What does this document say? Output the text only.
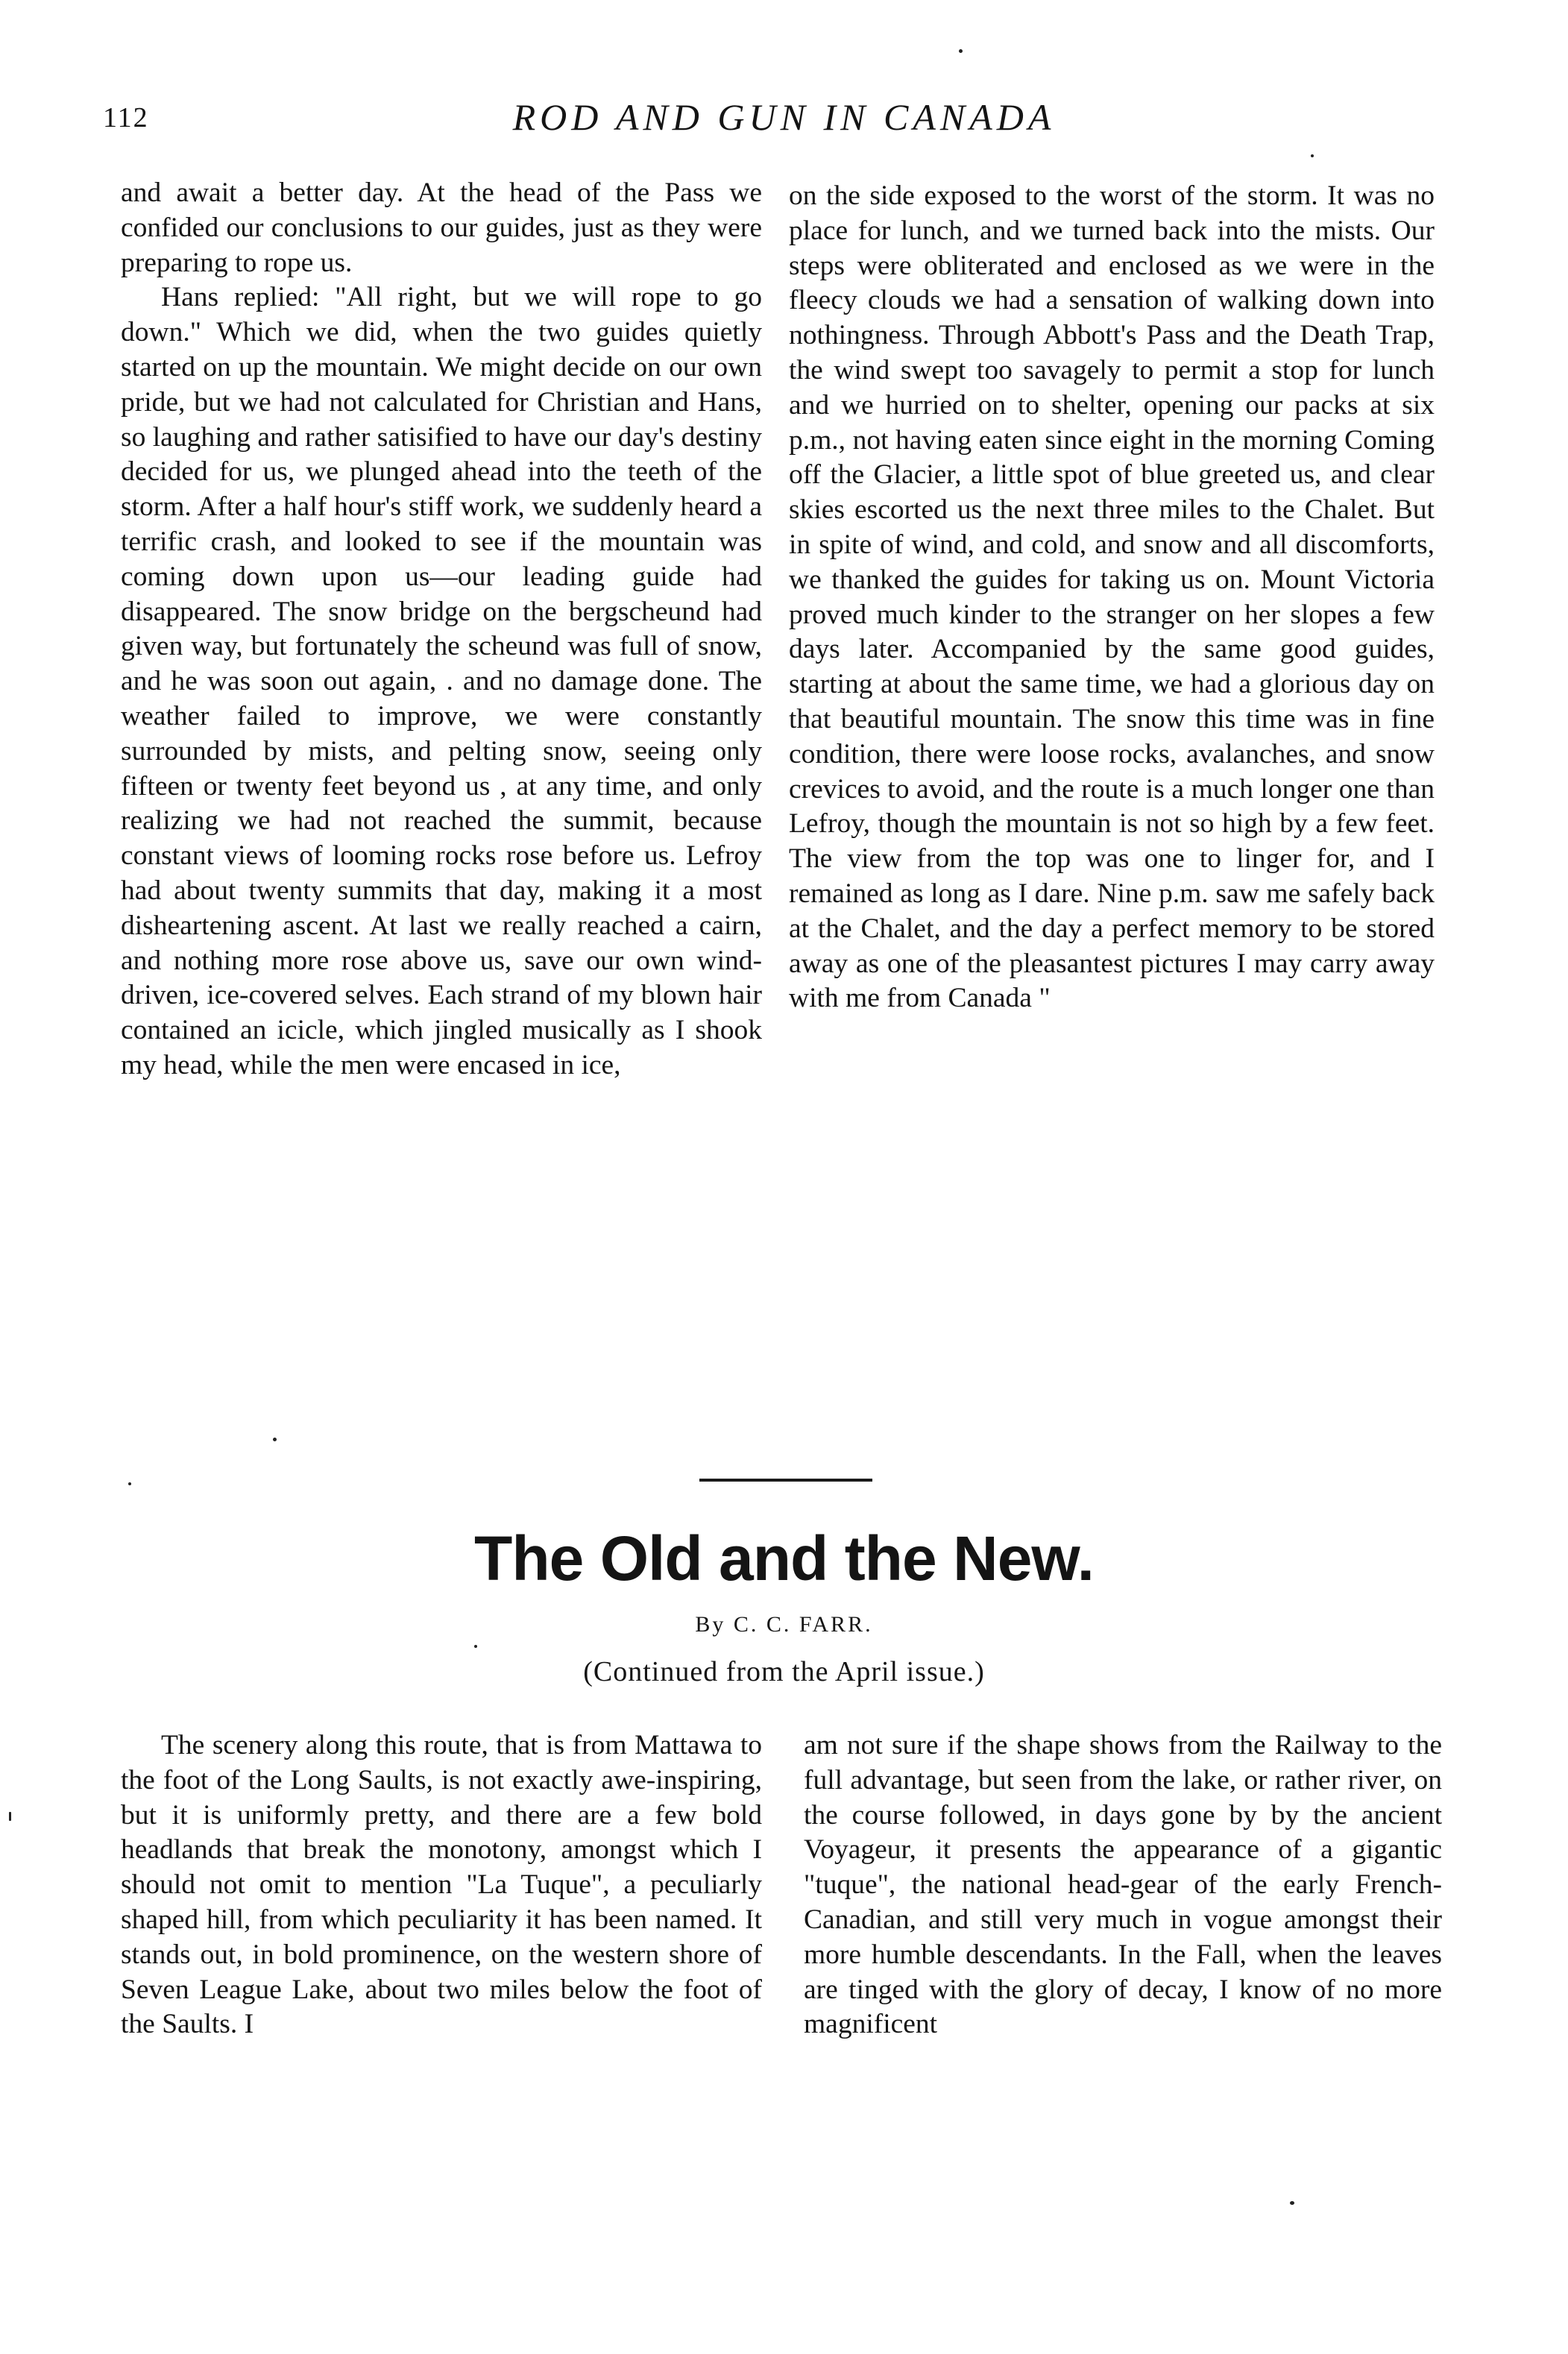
112	ROD AND GUN IN CANADA

and await a better day. At the head of the Pass we confided our conclusions to our guides, just as they were preparing to rope us.

Hans replied: "All right, but we will rope to go down." Which we did, when the two guides quietly started on up the mountain. We might decide on our own pride, but we had not calculated for Christian and Hans, so laughing and rather satisified to have our day's destiny decided for us, we plunged ahead into the teeth of the storm. After a half hour's stiff work, we suddenly heard a terrific crash, and looked to see if the mountain was coming down upon us—our leading guide had disappeared. The snow bridge on the bergscheund had given way, but fortunately the scheund was full of snow, and he was soon out again, . and no damage done. The weather failed to improve, we were constantly surrounded by mists, and pelting snow, seeing only fifteen or twenty feet beyond us , at any time, and only realizing we had not reached the summit, because constant views of looming rocks rose before us. Lefroy had about twenty summits that day, making it a most disheartening ascent. At last we really reached a cairn, and nothing more rose above us, save our own wind-driven, ice-covered selves. Each strand of my blown hair contained an icicle, which jingled musically as I shook my head, while the men were encased in ice,

on the side exposed to the worst of the storm. It was no place for lunch, and we turned back into the mists. Our steps were obliterated and enclosed as we were in the fleecy clouds we had a sensation of walking down into nothingness. Through Abbott's Pass and the Death Trap, the wind swept too savagely to permit a stop for lunch and we hurried on to shelter, opening our packs at six p.m., not having eaten since eight in the morning Coming off the Glacier, a little spot of blue greeted us, and clear skies escorted us the next three miles to the Chalet. But in spite of wind, and cold, and snow and all discomforts, we thanked the guides for taking us on. Mount Victoria proved much kinder to the stranger on her slopes a few days later. Accompanied by the same good guides, starting at about the same time, we had a glorious day on that beautiful mountain. The snow this time was in fine condition, there were loose rocks, avalanches, and snow crevices to avoid, and the route is a much longer one than Lefroy, though the mountain is not so high by a few feet. The view from the top was one to linger for, and I remained as long as I dare. Nine p.m. saw me safely back at the Chalet, and the day a perfect memory to be stored away as one of the pleasantest pictures I may carry away with me from Canada "

The Old and the New.
By C. C. FARR.
(Continued from the April issue.)

The scenery along this route, that is from Mattawa to the foot of the Long Saults, is not exactly awe-inspiring, but it is uniformly pretty, and there are a few bold headlands that break the monotony, amongst which I should not omit to mention "La Tuque", a peculiarly shaped hill, from which peculiarity it has been named. It stands out, in bold prominence, on the western shore of Seven League Lake, about two miles below the foot of the Saults. I

am not sure if the shape shows from the Railway to the full advantage, but seen from the lake, or rather river, on the course followed, in days gone by by the ancient Voyageur, it presents the appearance of a gigantic "tuque", the national head-gear of the early French-Canadian, and still very much in vogue amongst their more humble descendants. In the Fall, when the leaves are tinged with the glory of decay, I know of no more magnificent
